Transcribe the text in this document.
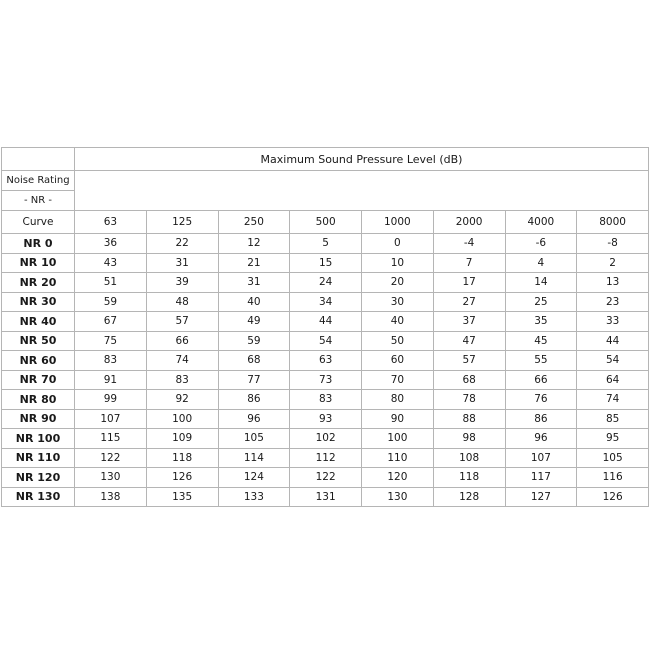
	Maximum Sound Pressure Level (dB)							
Noise Rating								
- NR -								
Curve	63	125	250	500	1000	2000	4000	8000
NR 0	36	22	12	5	0	-4	-6	-8
NR 10	43	31	21	15	10	7	4	2
NR 20	51	39	31	24	20	17	14	13
NR 30	59	48	40	34	30	27	25	23
NR 40	67	57	49	44	40	37	35	33
NR 50	75	66	59	54	50	47	45	44
NR 60	83	74	68	63	60	57	55	54
NR 70	91	83	77	73	70	68	66	64
NR 80	99	92	86	83	80	78	76	74
NR 90	107	100	96	93	90	88	86	85
NR 100	115	109	105	102	100	98	96	95
NR 110	122	118	114	112	110	108	107	105
NR 120	130	126	124	122	120	118	117	116
NR 130	138	135	133	131	130	128	127	126
